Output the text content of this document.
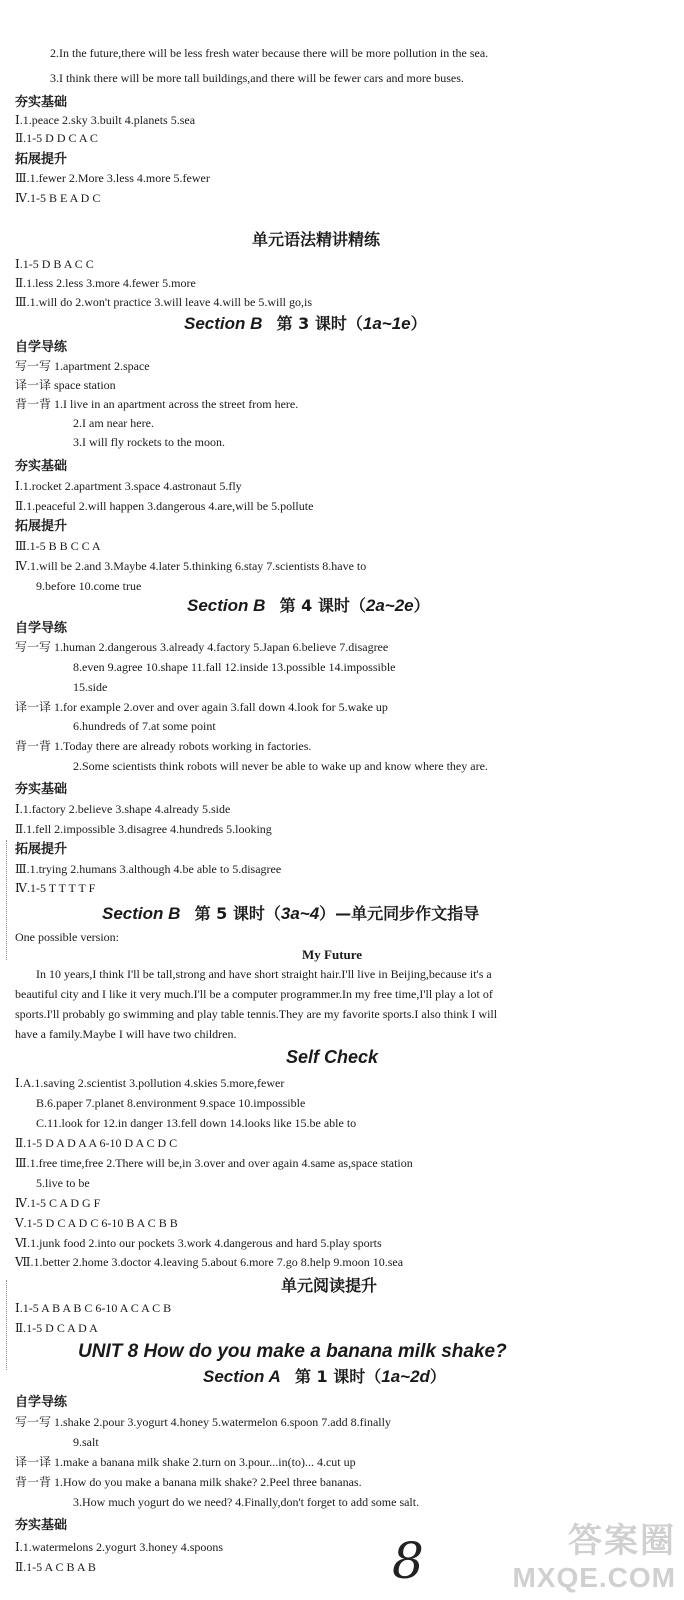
2.In the future,there will be less fresh water because there will be more pollution in the sea.
3.I think there will be more tall buildings,and there will be fewer cars and more buses.
夯实基础
Ⅰ.1.peace 2.sky 3.built 4.planets 5.sea
Ⅱ.1-5 D D C A C
拓展提升
Ⅲ.1.fewer 2.More 3.less 4.more 5.fewer
Ⅳ.1-5 B E A D C
单元语法精讲精练
Ⅰ.1-5 D B A C C
Ⅱ.1.less 2.less 3.more 4.fewer 5.more
Ⅲ.1.will do 2.won't practice 3.will leave 4.will be 5.will go,is
Section B 第 3 课时（1a~1e）
自学导练
写一写 1.apartment 2.space
译一译 space station
背一背 1.I live in an apartment across the street from here.
2.I am near here.
3.I will fly rockets to the moon.
夯实基础
Ⅰ.1.rocket 2.apartment 3.space 4.astronaut 5.fly
Ⅱ.1.peaceful 2.will happen 3.dangerous 4.are,will be 5.pollute
拓展提升
Ⅲ.1-5 B B C C A
Ⅳ.1.will be 2.and 3.Maybe 4.later 5.thinking 6.stay 7.scientists 8.have to
9.before 10.come true
Section B 第 4 课时（2a~2e）
自学导练
写一写 1.human 2.dangerous 3.already 4.factory 5.Japan 6.believe 7.disagree
8.even 9.agree 10.shape 11.fall 12.inside 13.possible 14.impossible
15.side
译一译 1.for example 2.over and over again 3.fall down 4.look for 5.wake up
6.hundreds of 7.at some point
背一背 1.Today there are already robots working in factories.
2.Some scientists think robots will never be able to wake up and know where they are.
夯实基础
Ⅰ.1.factory 2.believe 3.shape 4.already 5.side
Ⅱ.1.fell 2.impossible 3.disagree 4.hundreds 5.looking
拓展提升
Ⅲ.1.trying 2.humans 3.although 4.be able to 5.disagree
Ⅳ.1-5 T T T T F
Section B 第 5 课时（3a~4）—单元同步作文指导
One possible version:
My Future
In 10 years,I think I'll be tall,strong and have short straight hair.I'll live in Beijing,because it's a
beautiful city and I like it very much.I'll be a computer programmer.In my free time,I'll play a lot of
sports.I'll probably go swimming and play table tennis.They are my favorite sports.I also think I will
have a family.Maybe I will have two children.
Self Check
Ⅰ.A.1.saving 2.scientist 3.pollution 4.skies 5.more,fewer
B.6.paper 7.planet 8.environment 9.space 10.impossible
C.11.look for 12.in danger 13.fell down 14.looks like 15.be able to
Ⅱ.1-5 D A D A A 6-10 D A C D C
Ⅲ.1.free time,free 2.There will be,in 3.over and over again 4.same as,space station
5.live to be
Ⅳ.1-5 C A D G F
Ⅴ.1-5 D C A D C 6-10 B A C B B
Ⅵ.1.junk food 2.into our pockets 3.work 4.dangerous and hard 5.play sports
Ⅶ.1.better 2.home 3.doctor 4.leaving 5.about 6.more 7.go 8.help 9.moon 10.sea
单元阅读提升
Ⅰ.1-5 A B A B C 6-10 A C A C B
Ⅱ.1-5 D C A D A
UNIT 8 How do you make a banana milk shake?
Section A 第 1 课时（1a~2d）
自学导练
写一写 1.shake 2.pour 3.yogurt 4.honey 5.watermelon 6.spoon 7.add 8.finally
9.salt
译一译 1.make a banana milk shake 2.turn on 3.pour...in(to)... 4.cut up
背一背 1.How do you make a banana milk shake? 2.Peel three bananas.
3.How much yogurt do we need? 4.Finally,don't forget to add some salt.
夯实基础
Ⅰ.1.watermelons 2.yogurt 3.honey 4.spoons
Ⅱ.1-5 A C B A B	8	答案圈
MXQE.COM
